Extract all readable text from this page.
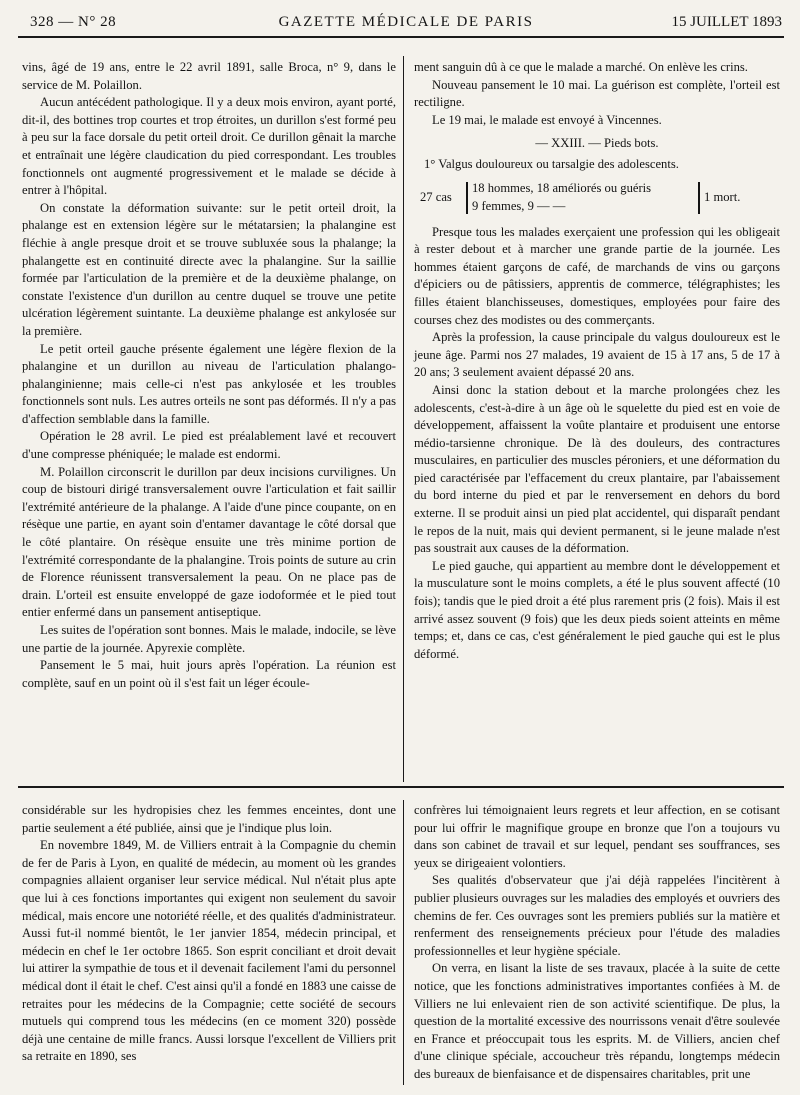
328 — N° 28	GAZETTE MÉDICALE DE PARIS	15 JUILLET 1893

vins, âgé de 19 ans, entre le 22 avril 1891, salle Broca, n° 9, dans le service de M. Polaillon.

Aucun antécédent pathologique. Il y a deux mois environ, ayant porté, dit-il, des bottines trop courtes et trop étroites, un durillon s'est formé peu à peu sur la face dorsale du petit orteil droit. Ce durillon gênait la marche et entraînait une légère claudication du pied correspondant. Les troubles fonctionnels ont augmenté progressivement et le malade se décide à entrer à l'hôpital.

On constate la déformation suivante: sur le petit orteil droit, la phalange est en extension légère sur le métatarsien; la phalangine est fléchie à angle presque droit et se trouve subluxée sous la phalange; la phalangette est en continuité directe avec la phalangine. Sur la saillie formée par l'articulation de la première et de la deuxième phalange, on constate l'existence d'un durillon au centre duquel se trouve une petite ulcération légèrement suintante. La deuxième phalange est ankylosée sur la première.

Le petit orteil gauche présente également une légère flexion de la phalangine et un durillon au niveau de l'articulation phalango-phalanginienne; mais celle-ci n'est pas ankylosée et les troubles fonctionnels sont nuls. Les autres orteils ne sont pas déformés. Il n'y a pas d'affection semblable dans la famille.

Opération le 28 avril. Le pied est préalablement lavé et recouvert d'une compresse phéniquée; le malade est endormi.

M. Polaillon circonscrit le durillon par deux incisions curvilignes. Un coup de bistouri dirigé transversalement ouvre l'articulation et fait saillir l'extrémité antérieure de la phalange. A l'aide d'une pince coupante, on en résèque une partie, en ayant soin d'entamer davantage le côté dorsal que le côté plantaire. On résèque ensuite une très minime portion de l'extrémité correspondante de la phalangine. Trois points de suture au crin de Florence réunissent transversalement la peau. On ne place pas de drain. L'orteil est ensuite enveloppé de gaze iodoformée et le pied tout entier enfermé dans un pansement antiseptique.

Les suites de l'opération sont bonnes. Mais le malade, indocile, se lève une partie de la journée. Apyrexie complète.

Pansement le 5 mai, huit jours après l'opération. La réunion est complète, sauf en un point où il s'est fait un léger écoule-

ment sanguin dû à ce que le malade a marché. On enlève les crins.

Nouveau pansement le 10 mai. La guérison est complète, l'orteil est rectiligne.

Le 19 mai, le malade est envoyé à Vincennes.

— XXIII. — Pieds bots.

1° Valgus douloureux ou tarsalgie des adolescents.

27 cas
18 hommes, 18 améliorés ou guéris
9 femmes, 9 — —
1 mort.

Presque tous les malades exerçaient une profession qui les obligeait à rester debout et à marcher une grande partie de la journée. Les hommes étaient garçons de café, de marchands de vins ou garçons d'épiciers ou de pâtissiers, apprentis de commerce, télégraphistes; les filles étaient blanchisseuses, domestiques, employées pour faire des courses chez des modistes ou des commerçants.

Après la profession, la cause principale du valgus douloureux est le jeune âge. Parmi nos 27 malades, 19 avaient de 15 à 17 ans, 5 de 17 à 20 ans; 3 seulement avaient dépassé 20 ans.

Ainsi donc la station debout et la marche prolongées chez les adolescents, c'est-à-dire à un âge où le squelette du pied est en voie de développement, affaissent la voûte plantaire et produisent une entorse médio-tarsienne chronique. De là des douleurs, des contractures musculaires, en particulier des muscles péroniers, et une déformation du pied caractérisée par l'effacement du creux plantaire, par l'abaissement du bord interne du pied et par le renversement en dehors du bord externe. Il se produit ainsi un pied plat accidentel, qui disparaît pendant le repos de la nuit, mais qui devient permanent, si le jeune malade n'est pas soustrait aux causes de la déformation.

Le pied gauche, qui appartient au membre dont le développement et la musculature sont le moins complets, a été le plus souvent affecté (10 fois); tandis que le pied droit a été plus rarement pris (2 fois). Mais il est arrivé assez souvent (9 fois) que les deux pieds soient atteints en même temps; et, dans ce cas, c'est généralement le pied gauche qui est le plus déformé.

considérable sur les hydropisies chez les femmes enceintes, dont une partie seulement a été publiée, ainsi que je l'indique plus loin.

En novembre 1849, M. de Villiers entrait à la Compagnie du chemin de fer de Paris à Lyon, en qualité de médecin, au moment où les grandes compagnies allaient organiser leur service médical. Nul n'était plus apte que lui à ces fonctions importantes qui exigent non seulement du savoir médical, mais encore une notoriété réelle, et des qualités d'administrateur. Aussi fut-il nommé bientôt, le 1er janvier 1854, médecin principal, et médecin en chef le 1er octobre 1865. Son esprit conciliant et droit devait lui attirer la sympathie de tous et il devenait facilement l'ami du personnel médical dont il était le chef. C'est ainsi qu'il a fondé en 1883 une caisse de retraites pour les médecins de la Compagnie; cette société de secours mutuels qui comprend tous les médecins (en ce moment 320) possède déjà une centaine de mille francs. Aussi lorsque l'excellent de Villiers prit sa retraite en 1890, ses

confrères lui témoignaient leurs regrets et leur affection, en se cotisant pour lui offrir le magnifique groupe en bronze que l'on a toujours vu dans son cabinet de travail et sur lequel, pendant ses souffrances, ses yeux se dirigeaient volontiers.

Ses qualités d'observateur que j'ai déjà rappelées l'incitèrent à publier plusieurs ouvrages sur les maladies des employés et ouvriers des chemins de fer. Ces ouvrages sont les premiers publiés sur la matière et renferment des renseignements précieux pour l'étude des maladies professionnelles et leur hygiène spéciale.

On verra, en lisant la liste de ses travaux, placée à la suite de cette notice, que les fonctions administratives importantes confiées à M. de Villiers ne lui enlevaient rien de son activité scientifique. De plus, la question de la mortalité excessive des nourrissons venait d'être soulevée en France et préoccupait tous les esprits. M. de Villiers, ancien chef d'une clinique spéciale, accoucheur très répandu, longtemps médecin des bureaux de bienfaisance et de dispensaires charitables, prit une
